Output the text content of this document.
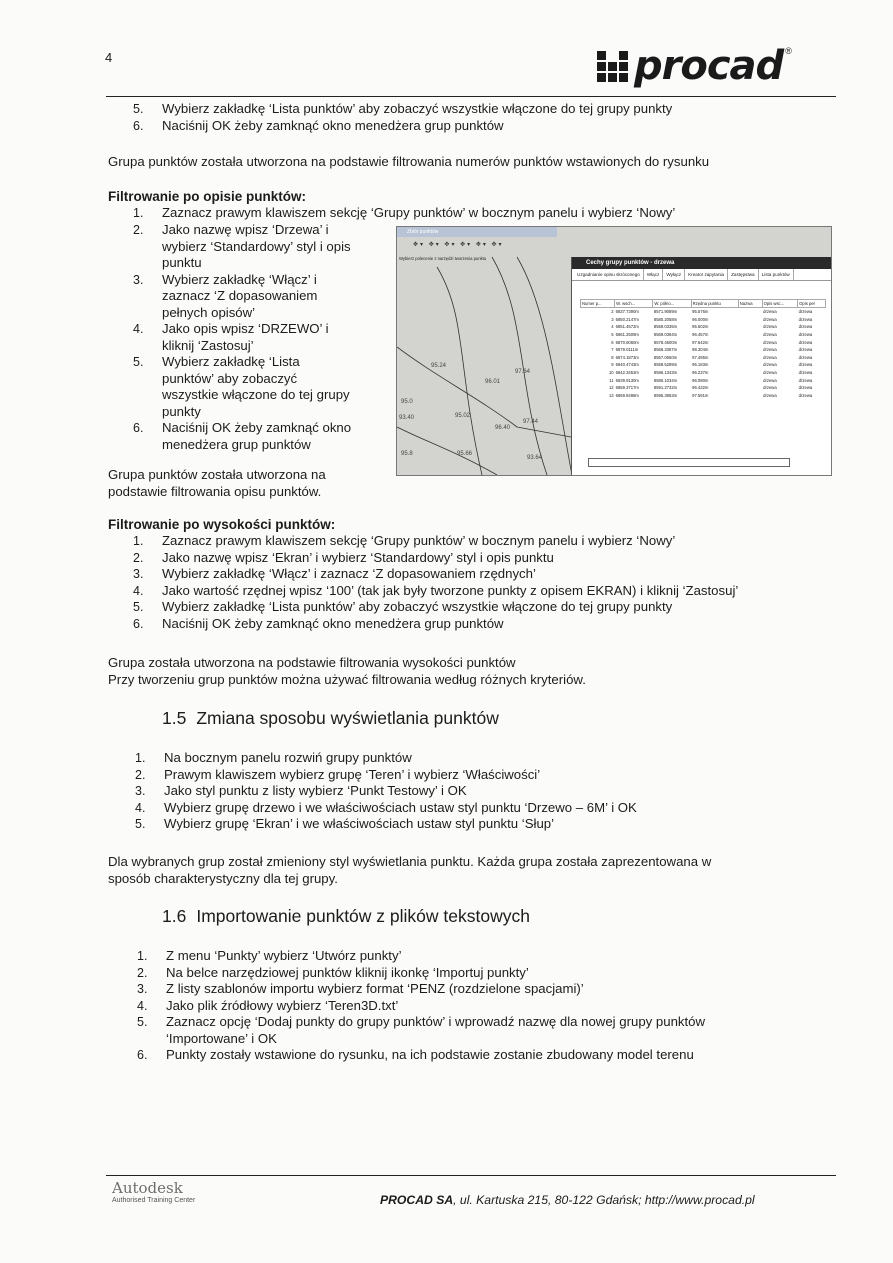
4	procad ®
5. Wybierz zakładkę ‘Lista punktów’ aby zobaczyć wszystkie włączone do tej grupy punkty
6. Naciśnij OK żeby zamknąć okno menedżera grup punktów
Grupa punktów została utworzona na podstawie filtrowania numerów punktów wstawionych do rysunku
Filtrowanie po opisie punktów:
1. Zaznacz prawym klawiszem sekcję ‘Grupy punktów’ w bocznym panelu i wybierz ‘Nowy’
2. Jako nazwę wpisz ‘Drzewa’ i
wybierz ‘Standardowy’ styl i opis
punktu
3. Wybierz zakładkę ‘Włącz’ i
zaznacz ‘Z dopasowaniem
pełnych opisów’
4. Jako opis wpisz ‘DRZEWO’ i
kliknij ‘Zastosuj’
5. Wybierz zakładkę ‘Lista
punktów’ aby zobaczyć
wszystkie włączone do tej grupy
punkty
6. Naciśnij OK żeby zamknąć okno
menedżera grup punktów
Grupa punktów została utworzona na
podstawie filtrowania opisu punktów.
95.24
96.01
93.40
97.64
95.02
97.44
95.0
95.8	95.66
96.40
93.64
Zbiór punktów
✥▾ ✥▾ ✥▾ ✥▾ ✥▾ ✥▾
Wybierz polecenie z narzędzi tworzenia punktu
Cechy grupy punktów - drzewa
Uzgadnianie opisu skróconego	Włącz	Wyłącz	Kreator zapytania	Zastępstwa	Lista punktów
Numer p...	W. wsch...	W. półno...	Rzędna punktu	Nazwa	Opis wsc...	Opis peł
2	6837.7390m	8571.9089m	95.576m		drzewa	drzewa
3	6850.2147m	8580.2058m	96.000m		drzewa	drzewa
4	6851.4572m	8559.0335m	95.602m		drzewa	drzewa
5	6861.2509m	8569.0384m	96.457m		drzewa	drzewa
6	6870.6060m	8578.4600m	97.642m		drzewa	drzewa
7	6879.0111m	8566.3367m	98.304m		drzewa	drzewa
8	6874.1873m	8557.0650m	97.485m		drzewa	drzewa
9	6840.4743m	8558.5289m	95.183m		drzewa	drzewa
10	6842.3453m	8596.1343m	96.237m		drzewa	drzewa
11	6839.9130m	8585.1034m	96.080m		drzewa	drzewa
12	6859.3717m	8591.2732m	96.432m		drzewa	drzewa
13	6869.8498m	8595.3863m	97.591m		drzewa	drzewa
Filtrowanie po wysokości punktów:
1. Zaznacz prawym klawiszem sekcję ‘Grupy punktów’ w bocznym panelu i wybierz ‘Nowy’
2. Jako nazwę wpisz ‘Ekran’ i wybierz ‘Standardowy’ styl i opis punktu
3. Wybierz zakładkę ‘Włącz’ i zaznacz ‘Z dopasowaniem rzędnych’
4. Jako wartość rzędnej wpisz ‘100’ (tak jak były tworzone punkty z opisem EKRAN) i kliknij ‘Zastosuj’
5. Wybierz zakładkę ‘Lista punktów’ aby zobaczyć wszystkie włączone do tej grupy punkty
6. Naciśnij OK żeby zamknąć okno menedżera grup punktów
Grupa została utworzona na podstawie filtrowania wysokości punktów
Przy tworzeniu grup punktów można używać filtrowania według różnych kryteriów.
1.5 Zmiana sposobu wyświetlania punktów
1. Na bocznym panelu rozwiń grupy punktów
2. Prawym klawiszem wybierz grupę ‘Teren’ i wybierz ‘Właściwości’
3. Jako styl punktu z listy wybierz ‘Punkt Testowy’ i OK
4. Wybierz grupę drzewo i we właściwościach ustaw styl punktu ‘Drzewo – 6M’ i OK
5. Wybierz grupę ‘Ekran’ i we właściwościach ustaw styl punktu ‘Słup’
Dla wybranych grup został zmieniony styl wyświetlania punktu. Każda grupa została zaprezentowana w
sposób charakterystyczny dla tej grupy.
1.6 Importowanie punktów z plików tekstowych
1. Z menu ‘Punkty’ wybierz ‘Utwórz punkty’
2. Na belce narzędziowej punktów kliknij ikonkę ‘Importuj punkty’
3. Z listy szablonów importu wybierz format ‘PENZ (rozdzielone spacjami)’
4. Jako plik źródłowy wybierz ‘Teren3D.txt’
5. Zaznacz opcję ‘Dodaj punkty do grupy punktów’ i wprowadź nazwę dla nowej grupy punktów
‘Importowane’ i OK
6. Punkty zostały wstawione do rysunku, na ich podstawie zostanie zbudowany model terenu
Autodesk
Authorised Training Center	PROCAD SA, ul. Kartuska 215, 80-122 Gdańsk; http://www.procad.pl
